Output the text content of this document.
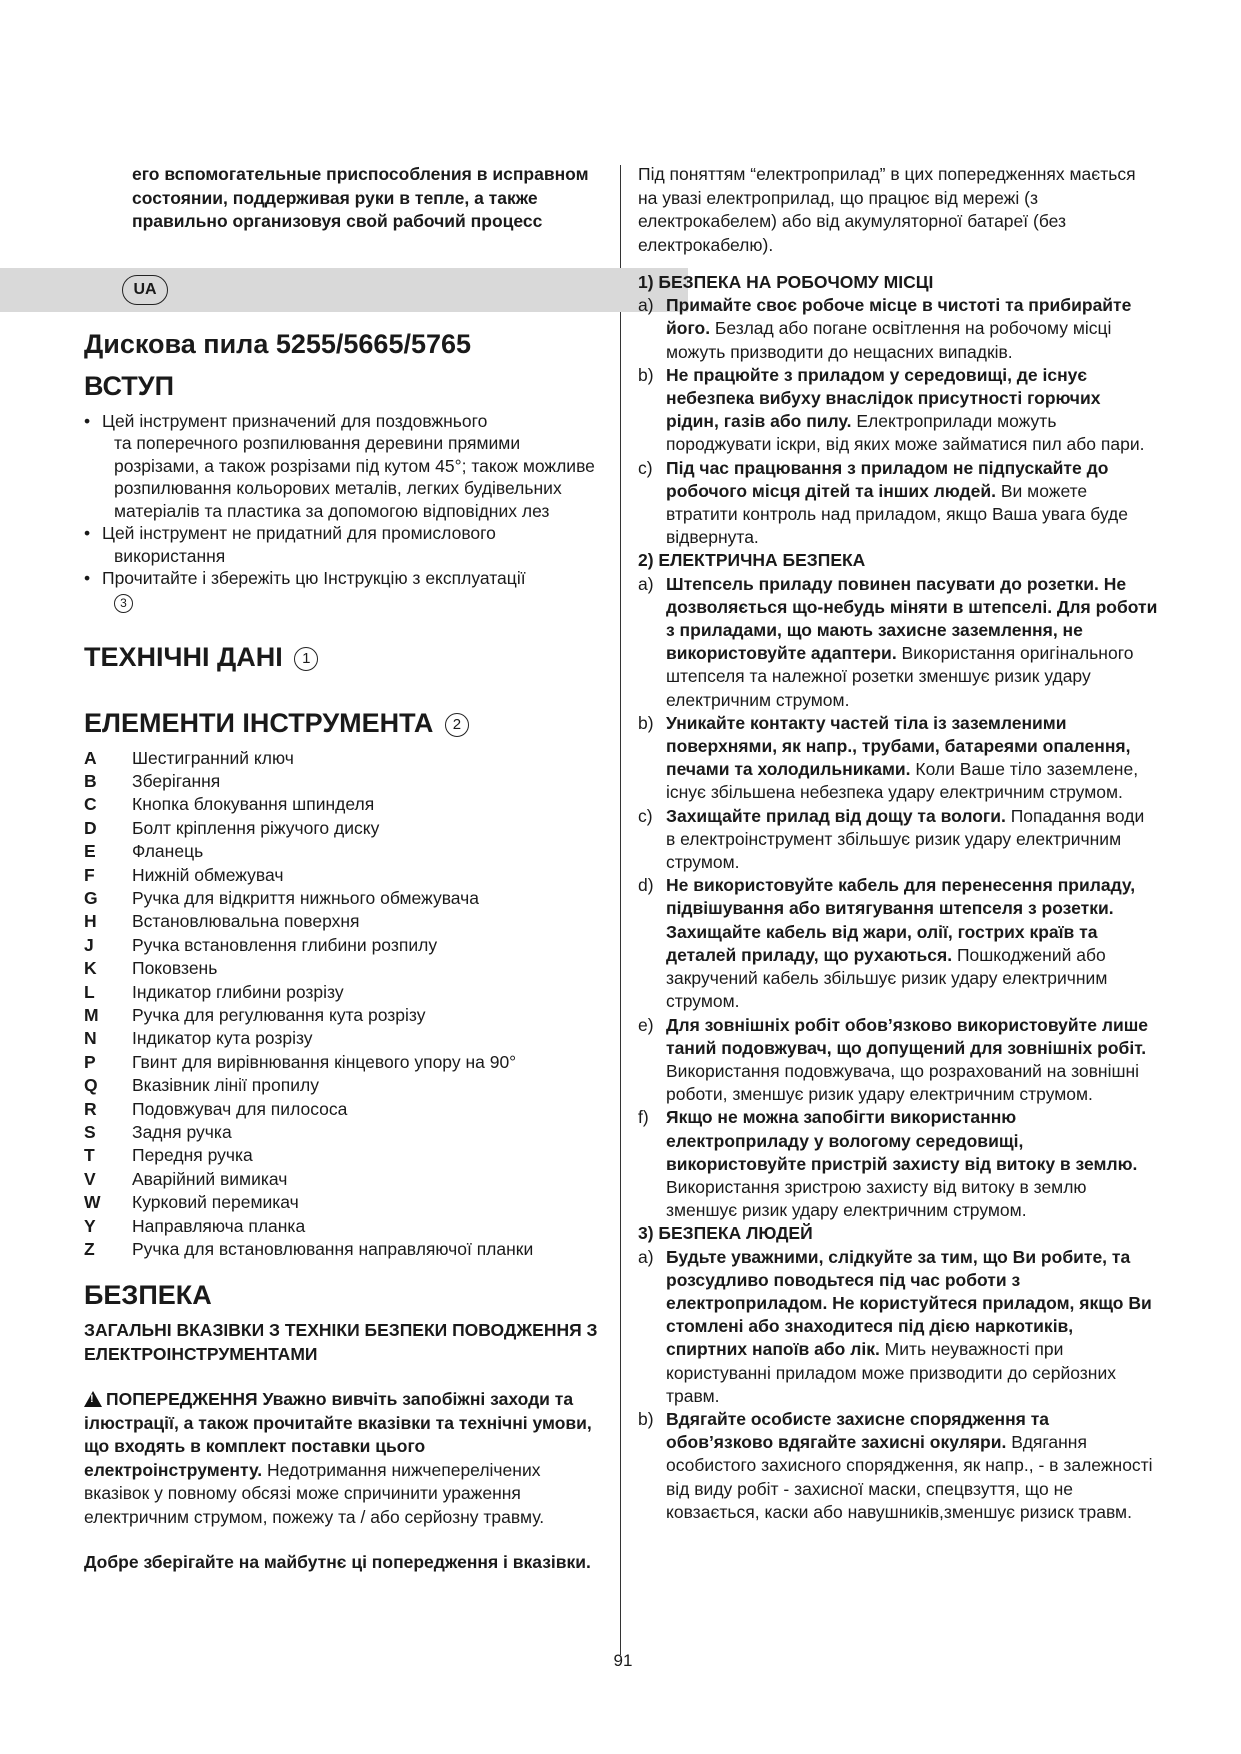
его вспомогательные приспособления в исправном состоянии, поддерживая руки в тепле, а также правильно организовуя свой рабочий процесс
UA
Дискова пила 5255/5665/5765
ВСТУП
• Цей інструмент призначений для поздовжнього
та поперечного розпилювання деревини прямими розрізами, а також розрізами під кутом 45°; також можливе розпилювання кольорових металів, легких будівельних матеріалів та пластика за допомогою відповідних лез
• Цей інструмент не придатний для промислового
використання
• Прочитайте і збережіть цю Інструкцію з експлуатації
3
ТЕХНІЧНІ ДАНІ 1
ЕЛЕМЕНТИ ІНСТРУМЕНТА 2
A	Шестигранний ключ
B	Зберігання
C	Кнопка блокування шпинделя
D	Болт кріплення ріжучого диску
E	Фланець
F	Нижній обмежувач
G	Ручка для відкриття нижнього обмежувача
H	Встановлювальна поверхня
J	Ручка встановлення глибини розпилу
K	Поковзень
L	Індикатор глибини розрізу
M	Ручка для регулювання кута розрізу
N	Індикатор кута розрізу
P	Гвинт для вирівнювання кінцевого упору на 90°
Q	Вказівник лінії пропилу
R	Подовжувач для пилососа
S	Задня ручка
T	Передня ручка
V	Аварійний вимикач
W	Курковий перемикач
Y	Направляюча планка
Z	Ручка для встановлювання направляючої планки
БЕЗПЕКА
ЗАГАЛЬНІ ВКАЗІВКИ З ТЕХНІКИ БЕЗПЕКИ ПОВОДЖЕННЯ З ЕЛЕКТРОІНСТРУМЕНТАМИ
!ПОПЕРЕДЖЕННЯ Уважно вивчіть запобіжні заходи та ілюстрації, а також прочитайте вказівки та технічні умови, що входять в комплект поставки цього електроінструменту. Недотримання нижчеперелічених вказівок у повному обсязі може спричинити ураження електричним струмом, пожежу та / або серйозну травму.
Добре зберігайте на майбутнє ці попередження і вказівки.
Під поняттям “електроприлад” в цих попередженнях мається на увазі електроприлад, що працює від мережі (з електрокабелем) або від акумуляторної батареї (без електрокабелю).
1) БЕЗПЕКА НА РОБОЧОМУ МІСЦІ
a) Примайте своє робоче місце в чистоті та прибирайте його. Безлад або погане освітлення на робочому місці можуть призводити до нещасних випадків.
b) Не працюйте з приладом у середовищі, де існує небезпека вибуху внаслідок присутності горючих рідин, газів або пилу. Електроприлади можуть породжувати іскри, від яких може займатися пил або пари.
c) Під час працювання з приладом не підпускайте до робочого місця дітей та інших людей. Ви можете втратити контроль над приладом, якщо Ваша увага буде відвернута.
2) ЕЛЕКТРИЧНА БЕЗПЕКА
a) Штепсель приладу повинен пасувати до розетки. Не дозволяється що-небудь міняти в штепселі. Для роботи з приладами, що мають захисне заземлення, не використовуйте адаптери. Використання оригінального штепселя та належної розетки зменшує ризик удару електричним струмом.
b) Уникайте контакту частей тіла із заземленими поверхнями, як напр., трубами, батареями опалення, печами та холодильниками. Коли Ваше тіло заземлене, існує збільшена небезпека удару електричним струмом.
c) Захищайте прилад від дощу та вологи. Попадання води в електроінструмент збільшує ризик удару електричним струмом.
d) Не використовуйте кабель для перенесення приладу, підвішування або витягування штепселя з розетки. Захищайте кабель від жари, олії, гострих країв та деталей приладу, що рухаються. Пошкоджений або закручений кабель збільшує ризик удару електричним струмом.
e) Для зовнішніх робіт обов’язково використовуйте лише таний подовжувач, що допущений для зовнішніх робіт. Використання подовжувача, що розрахований на зовнішні роботи, зменшує ризик удару електричним струмом.
f) Якщо не можна запобігти використанню електроприладу у вологому середовищі, використовуйте пристрій захисту від витоку в землю. Використання зристрою захисту від витоку в землю зменшує ризик удару електричним струмом.
3) БЕЗПЕКА ЛЮДЕЙ
a) Будьте уважними, слідкуйте за тим, що Ви робите, та розсудливо поводьтеся під час роботи з електроприладом. Не користуйтеся приладом, якщо Ви стомлені або знаходитеся під дією наркотиків, спиртних напоїв або лік. Мить неуважності при користуванні приладом може призводити до серйозних травм.
b) Вдягайте особисте захисне спорядження та обов’язково вдягайте захисні окуляри. Вдягання особистого захисного спорядження, як напр., - в залежності від виду робіт - захисної маски, спецвзуття, що не ковзається, каски або навушників,зменшує ризиск травм.
91
